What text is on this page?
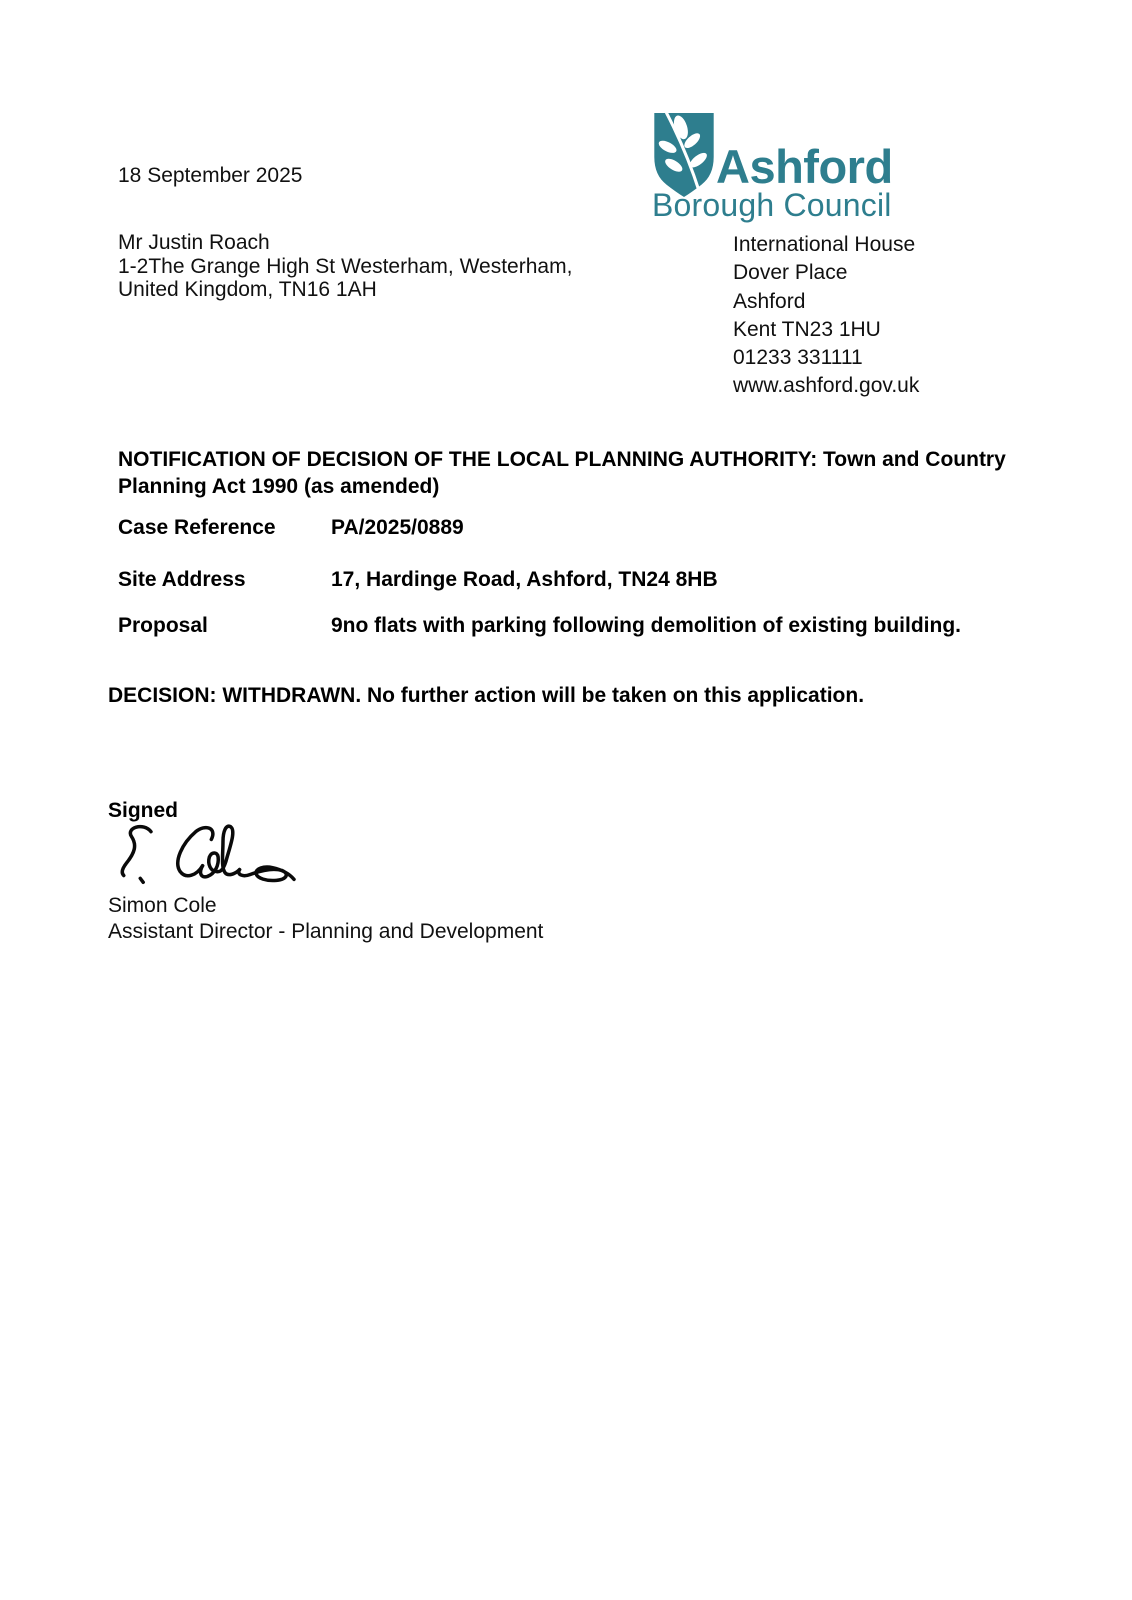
18 September 2025
Mr Justin Roach
1-2The Grange High St Westerham, Westerham,
United Kingdom, TN16 1AH
Ashford
Borough Council
International House
Dover Place
Ashford
Kent TN23 1HU
01233 331111
www.ashford.gov.uk
NOTIFICATION OF DECISION OF THE LOCAL PLANNING AUTHORITY: Town and Country
Planning Act 1990 (as amended)
Case Reference	PA/2025/0889
Site Address	17, Hardinge Road, Ashford, TN24 8HB
Proposal	9no flats with parking following demolition of existing building.
DECISION: WITHDRAWN. No further action will be taken on this application.
Signed
Simon Cole
Assistant Director - Planning and Development
